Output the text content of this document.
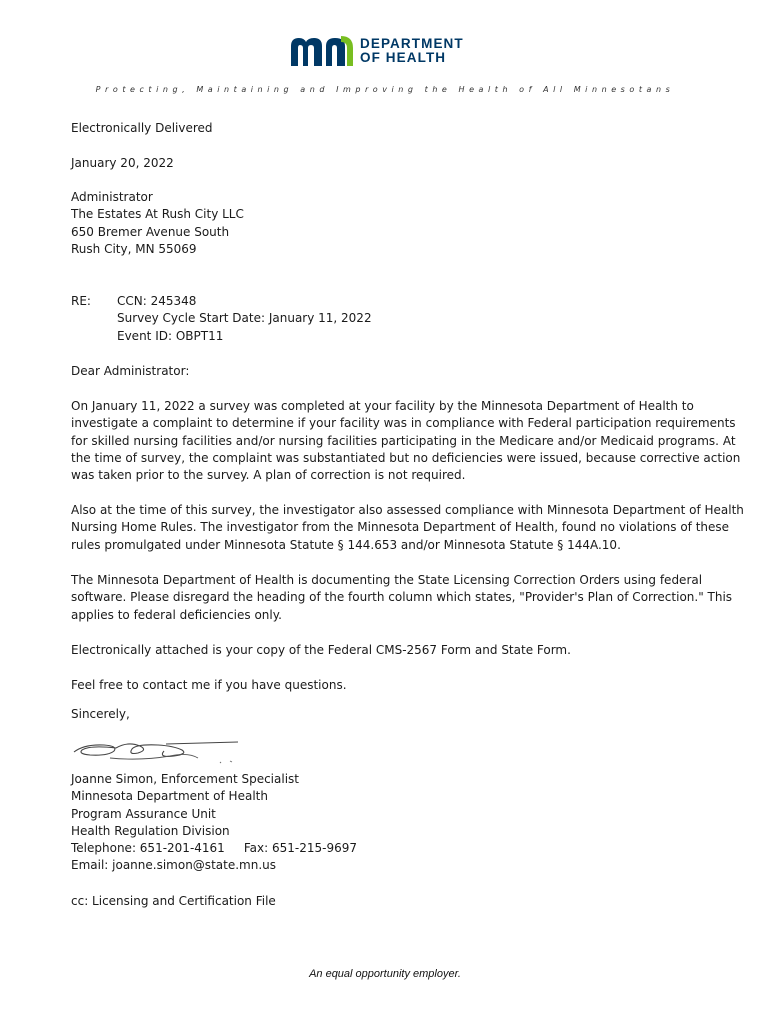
DEPARTMENT
OF HEALTH
Protecting, Maintaining and Improving the Health of All Minnesotans
Electronically Delivered
January 20, 2022
Administrator
The Estates At Rush City LLC
650 Bremer Avenue South
Rush City, MN 55069
RE: CCN: 245348
Survey Cycle Start Date: January 11, 2022
Event ID: OBPT11
Dear Administrator:
On January 11, 2022 a survey was completed at your facility by the Minnesota Department of Health to
investigate a complaint to determine if your facility was in compliance with Federal participation requirements
for skilled nursing facilities and/or nursing facilities participating in the Medicare and/or Medicaid programs. At
the time of survey, the complaint was substantiated but no deficiencies were issued, because corrective action
was taken prior to the survey. A plan of correction is not required.
Also at the time of this survey, the investigator also assessed compliance with Minnesota Department of Health
Nursing Home Rules. The investigator from the Minnesota Department of Health, found no violations of these
rules promulgated under Minnesota Statute § 144.653 and/or Minnesota Statute § 144A.10.
The Minnesota Department of Health is documenting the State Licensing Correction Orders using federal
software. Please disregard the heading of the fourth column which states, "Provider's Plan of Correction." This
applies to federal deficiencies only.
Electronically attached is your copy of the Federal CMS-2567 Form and State Form.
Feel free to contact me if you have questions.
Sincerely,
Joanne Simon, Enforcement Specialist
Minnesota Department of Health
Program Assurance Unit
Health Regulation Division
Telephone: 651-201-4161     Fax: 651-215-9697
Email: joanne.simon@state.mn.us
cc: Licensing and Certification File
An equal opportunity employer.
